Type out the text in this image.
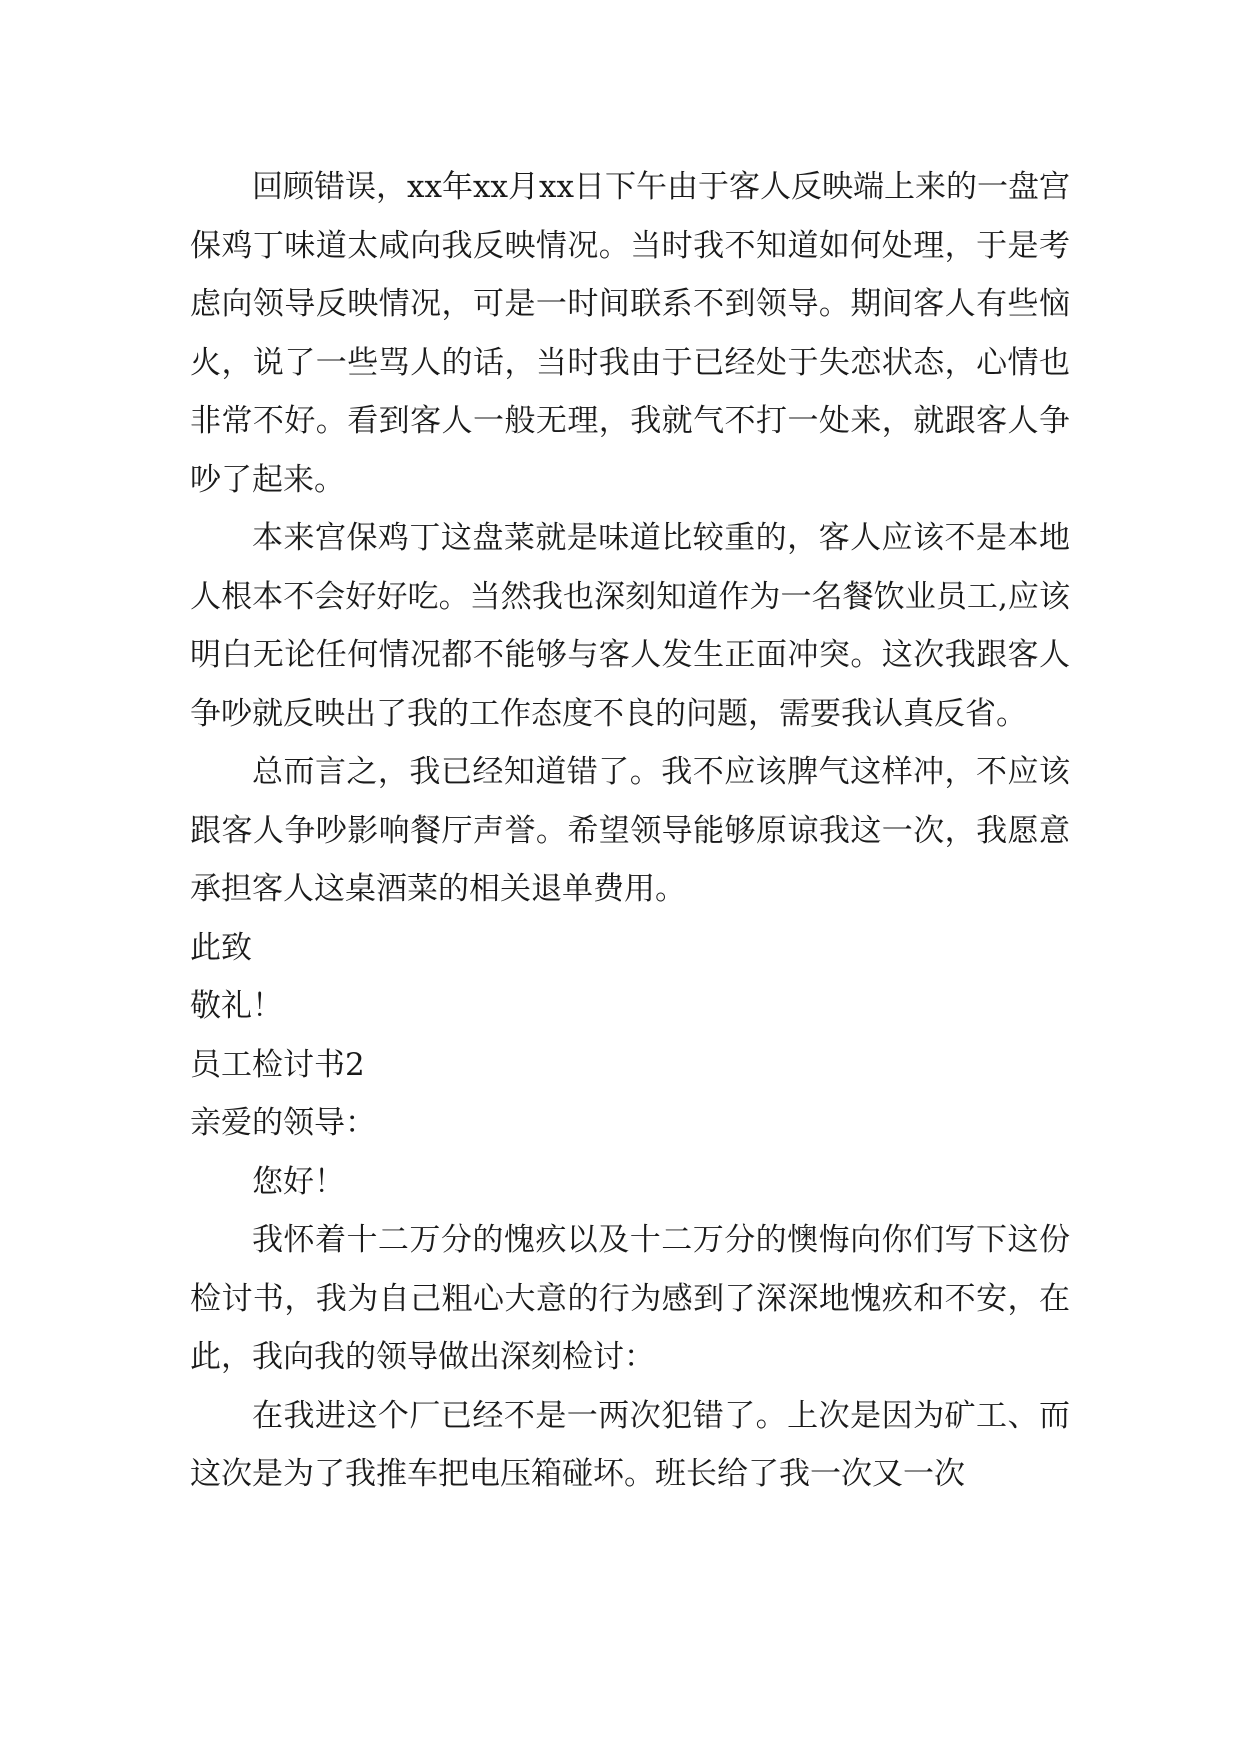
回顾错误，xx年xx月xx日下午由于客人反映端上来的一盘宫保鸡丁味道太咸向我反映情况。当时我不知道如何处理，于是考虑向领导反映情况，可是一时间联系不到领导。期间客人有些恼火，说了一些骂人的话，当时我由于已经处于失恋状态，心情也非常不好。看到客人一般无理，我就气不打一处来，就跟客人争吵了起来。

本来宫保鸡丁这盘菜就是味道比较重的，客人应该不是本地人根本不会好好吃。当然我也深刻知道作为一名餐饮业员工,应该明白无论任何情况都不能够与客人发生正面冲突。这次我跟客人争吵就反映出了我的工作态度不良的问题，需要我认真反省。

总而言之，我已经知道错了。我不应该脾气这样冲，不应该跟客人争吵影响餐厅声誉。希望领导能够原谅我这一次，我愿意承担客人这桌酒菜的相关退单费用。

此致

敬礼！

员工检讨书2

亲爱的领导：

您好！

我怀着十二万分的愧疚以及十二万分的懊悔向你们写下这份检讨书，我为自己粗心大意的行为感到了深深地愧疚和不安，在此，我向我的领导做出深刻检讨：

在我进这个厂已经不是一两次犯错了。上次是因为矿工、而这次是为了我推车把电压箱碰坏。班长给了我一次又一次
